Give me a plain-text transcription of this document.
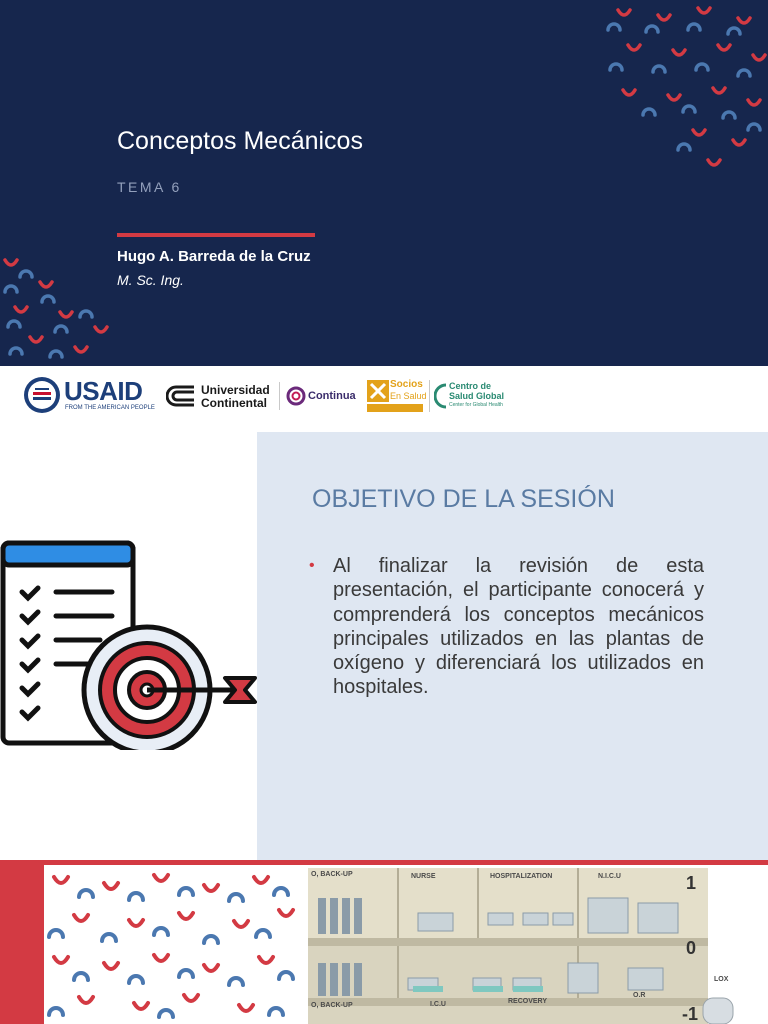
Conceptos Mecánicos
TEMA 6
Hugo A. Barreda de la Cruz
M. Sc. Ing.
USAID
FROM THE AMERICAN PEOPLE
Universidad
Continental	Continua
Socios
En Salud
Centro de
Salud Global
Center for Global Health
OBJETIVO DE LA SESIÓN
• Al finalizar la revisión de esta presentación, el participante conocerá y comprenderá los conceptos mecánicos principales utilizados en las plantas de oxígeno y diferenciará los utilizados en hospitales.
O, BACK-UP	NURSE	HOSPITALIZATION	N.I.C.U	1
0
LOX
O, BACK-UP	I.C.U	RECOVERY
O.R
-1
